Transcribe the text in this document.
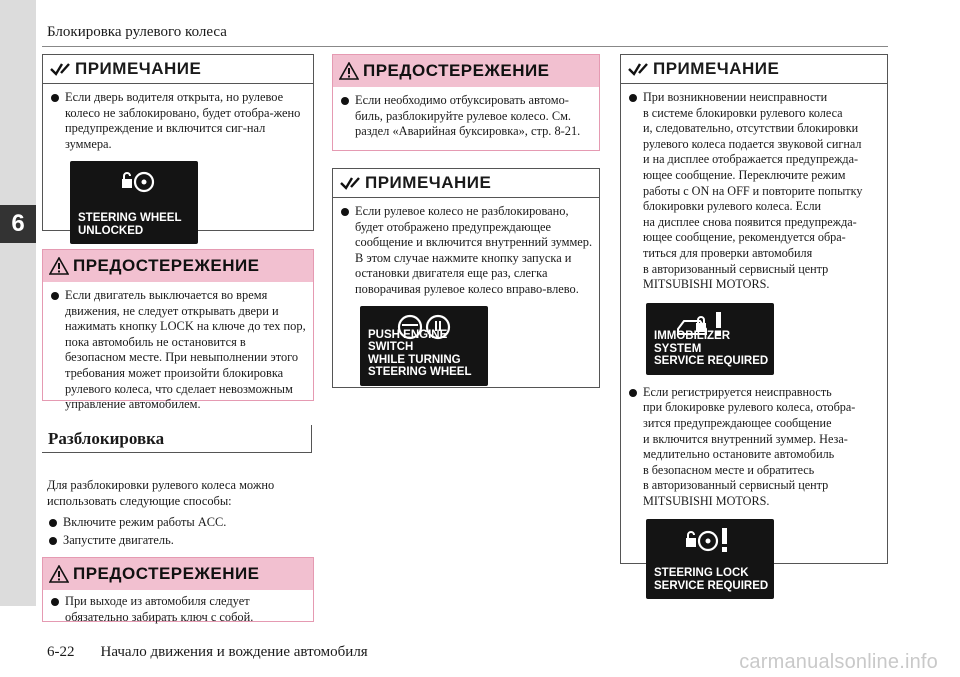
6
Блокировка рулевого колеса
ПРИМЕЧАНИЕ
Если дверь водителя открыта, но рулевое колесо не заблокировано, будет отобра-жено предупреждение и включится сиг-нал зуммера.
STEERING WHEEL
UNLOCKED
ПРЕДОСТЕРЕЖЕНИЕ
Если двигатель выключается во время движения, не следует открывать двери и нажимать кнопку LOCK на ключе до тех пор, пока автомобиль не остановится в безопасном месте. При невыполнении этого требования может произойти блокировка рулевого колеса, что сделает невозможным управление автомобилем.
Разблокировка
Для разблокировки рулевого колеса можно
использовать следующие способы:
Включите режим работы ACC.
Запустите двигатель.
ПРЕДОСТЕРЕЖЕНИЕ
При выходе из автомобиля следует обязательно забирать ключ с собой.
ПРЕДОСТЕРЕЖЕНИЕ
Если необходимо отбуксировать автомо-биль, разблокируйте рулевое колесо. См. раздел «Аварийная буксировка», стр. 8-21.
ПРИМЕЧАНИЕ
Если рулевое колесо не разблокировано, будет отображено предупреждающее сообщение и включится внутренний зуммер. В этом случае нажмите кнопку запуска и остановки двигателя еще раз, слегка поворачивая рулевое колесо вправо-влево.
PUSH ENGINE SWITCH
WHILE TURNING
STEERING WHEEL
ПРИМЕЧАНИЕ
При возникновении неисправности
в системе блокировки рулевого колеса
и, следовательно, отсутствии блокировки
рулевого колеса подается звуковой сигнал
и на дисплее отображается предупрежда-
ющее сообщение. Переключите режим
работы с ON на OFF и повторите попытку
блокировки рулевого колеса. Если
на дисплее снова появится предупрежда-
ющее сообщение, рекомендуется обра-
титься для проверки автомобиля
в авторизованный сервисный центр
MITSUBISHI MOTORS.
IMMOBILIZER SYSTEM
SERVICE REQUIRED
Если регистрируется неисправность
при блокировке рулевого колеса, отобра-
зится предупреждающее сообщение
и включится внутренний зуммер. Неза-
медлительно остановите автомобиль
в безопасном месте и обратитесь
в авторизованный сервисный центр
MITSUBISHI MOTORS.
STEERING LOCK
SERVICE REQUIRED
6-22 Начало движения и вождение автомобиля	carmanualsonline.info
